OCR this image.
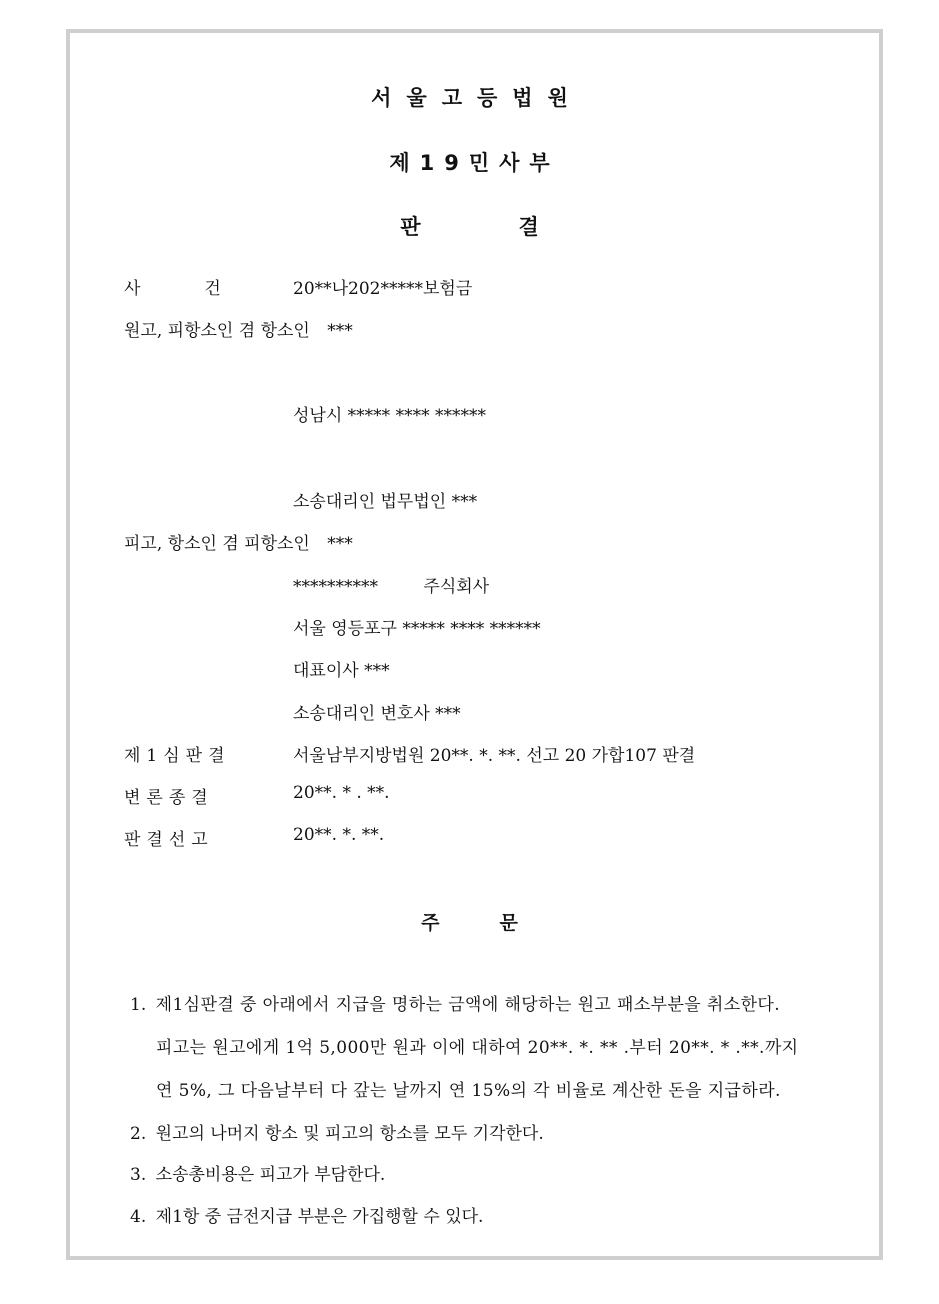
서울고등법원
제19민사부
판결
사건 20**나202*****보험금
원고, 피항소인 겸 항소인 ***
성남시 ***** **** ******
소송대리인 법무법인 ***
피고, 항소인 겸 피항소인 ***
**********	주식회사
서울 영등포구 ***** **** ******
대표이사 ***
소송대리인 변호사 ***
제1심판결	서울남부지방법원 20**. *. **. 선고 20 가합107 판결
변론종결	20**. * . **.
판결선고	20**. *. **.
주문
1. 제1심판결 중 아래에서 지급을 명하는 금액에 해당하는 원고 패소부분을 취소한다.
피고는 원고에게 1억 5,000만 원과 이에 대하여 20**. *. ** .부터 20**. * .**.까지
연 5%, 그 다음날부터 다 갚는 날까지 연 15%의 각 비율로 계산한 돈을 지급하라.
2. 원고의 나머지 항소 및 피고의 항소를 모두 기각한다.
3. 소송총비용은 피고가 부담한다.
4. 제1항 중 금전지급 부분은 가집행할 수 있다.
